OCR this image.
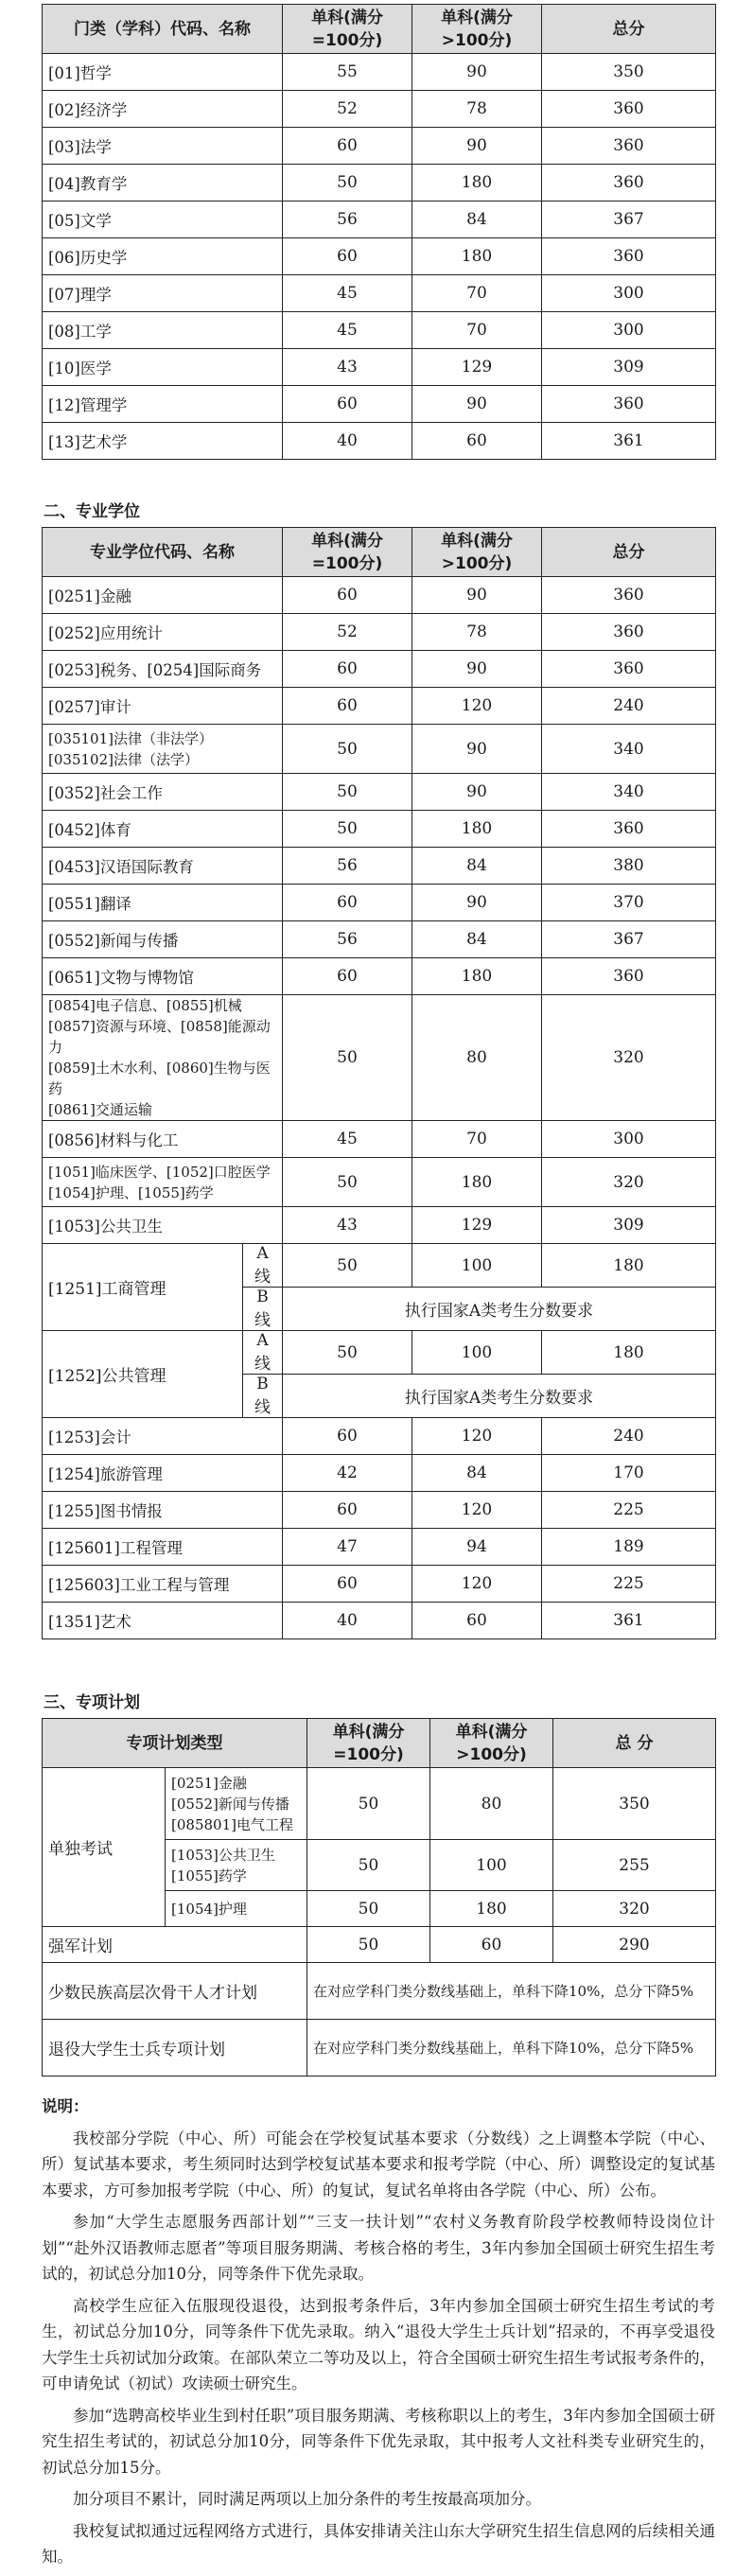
门类（学科）代码、名称	单科(满分=100分)	单科(满分>100分)	总分
[01]哲学	55	90	350
[02]经济学	52	78	360
[03]法学	60	90	360
[04]教育学	50	180	360
[05]文学	56	84	367
[06]历史学	60	180	360
[07]理学	45	70	300
[08]工学	45	70	300
[10]医学	43	129	309
[12]管理学	60	90	360
[13]艺术学	40	60	361

二、专业学位

专业学位代码、名称		单科(满分=100分)	单科(满分>100分)	总分

[0251]金融		60	90	360

[0252]应用统计		52	78	360

[0253]税务、[0254]国际商务		60	90	360

[0257]审计		60	120	240

[035101]法律（非法学）
[035102]法律（法学）		50	90	340

[0352]社会工作		50	90	340

[0452]体育		50	180	360

[0453]汉语国际教育		56	84	380

[0551]翻译		60	90	370

[0552]新闻与传播		56	84	367

[0651]文物与博物馆		60	180	360

[0854]电子信息、[0855]机械
[0857]资源与环境、[0858]能源动力
[0859]土木水利、[0860]生物与医药
[0861]交通运输		50	80	320

[0856]材料与化工		45	70	300

[1051]临床医学、[1052]口腔医学
[1054]护理、[1055]药学		50	180	320

[1053]公共卫生		43	129	309
[1251]工商管理	A线	50	100	180
	B线	执行国家A类考生分数要求		
[1252]公共管理	A线	50	100	180
	B线	执行国家A类考生分数要求		
[1253]会计		60	120	240
[1254]旅游管理		42	84	170
[1255]图书情报		60	120	225
[125601]工程管理		47	94	189
[125603]工业工程与管理		60	120	225
[1351]艺术		40	60	361

三、专项计划

专项计划类型		单科(满分=100分)	单科(满分>100分)	总 分
单独考试	[0251]金融
[0552]新闻与传播
[085801]电气工程	50	80	350

	[1053]公共卫生
[1055]药学	50	100	255

	[1054]护理	50	180	320
强军计划		50	60	290
少数民族高层次骨干人才计划		在对应学科门类分数线基础上，单科下降10%，总分下降5%		
退役大学生士兵专项计划		在对应学科门类分数线基础上，单科下降10%，总分下降5%		
说明：

我校部分学院（中心、所）可能会在学校复试基本要求（分数线）之上调整本学院（中心、所）复试基本要求，考生须同时达到学校复试基本要求和报考学院（中心、所）调整设定的复试基本要求，方可参加报考学院（中心、所）的复试，复试名单将由各学院（中心、所）公布。

参加“大学生志愿服务西部计划”“三支一扶计划”“农村义务教育阶段学校教师特设岗位计划”“赴外汉语教师志愿者”等项目服务期满、考核合格的考生，3年内参加全国硕士研究生招生考试的，初试总分加10分，同等条件下优先录取。

高校学生应征入伍服现役退役，达到报考条件后，3年内参加全国硕士研究生招生考试的考生，初试总分加10分，同等条件下优先录取。纳入“退役大学生士兵计划”招录的，不再享受退役大学生士兵初试加分政策。在部队荣立二等功及以上，符合全国硕士研究生招生考试报考条件的，可申请免试（初试）攻读硕士研究生。

参加“选聘高校毕业生到村任职”项目服务期满、考核称职以上的考生，3年内参加全国硕士研究生招生考试的，初试总分加10分，同等条件下优先录取，其中报考人文社科类专业研究生的，初试总分加15分。

加分项目不累计，同时满足两项以上加分条件的考生按最高项加分。

我校复试拟通过远程网络方式进行，具体安排请关注山东大学研究生招生信息网的后续相关通知。
